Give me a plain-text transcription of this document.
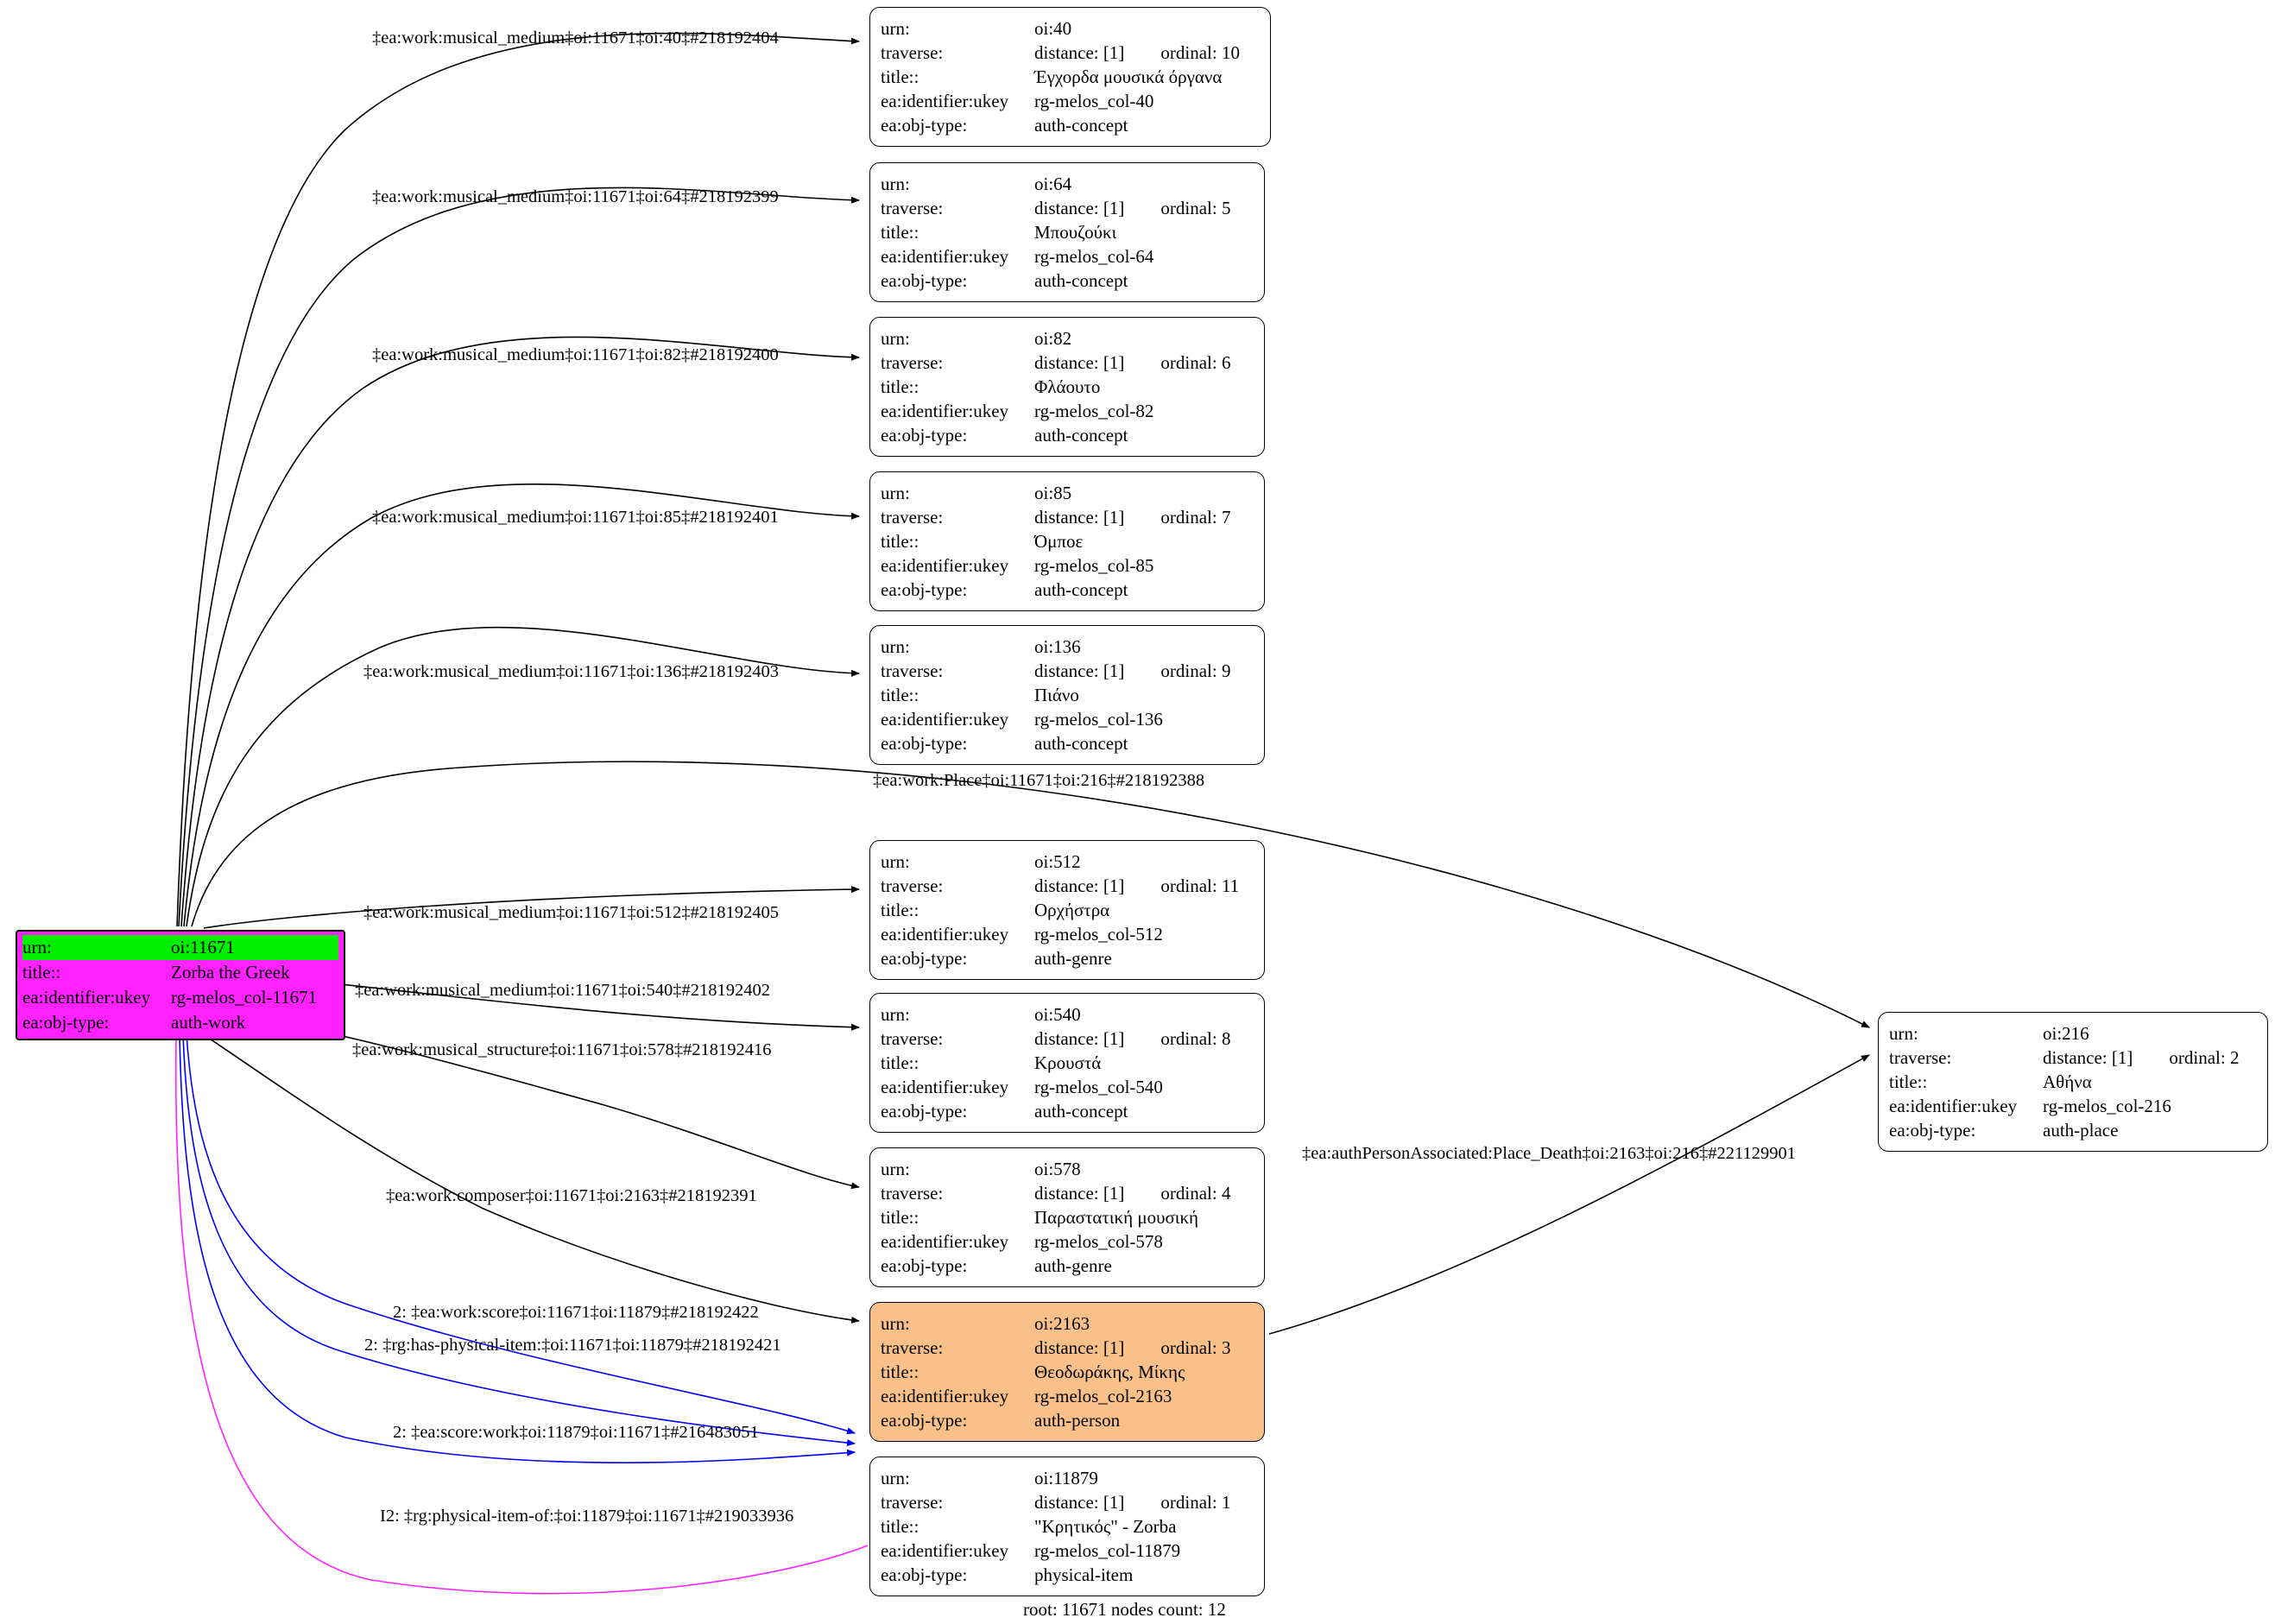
urn:	oi:40
traverse:	distance: [1] ordinal: 10
title::	Έγχορδα μουσικά όργανα
ea:identifier:ukey	rg-melos_col-40
ea:obj-type:	auth-concept
urn:	oi:64
traverse:	distance: [1] ordinal: 5
title::	Μπουζούκι
ea:identifier:ukey	rg-melos_col-64
ea:obj-type:	auth-concept
urn:	oi:82
traverse:	distance: [1] ordinal: 6
title::	Φλάουτο
ea:identifier:ukey	rg-melos_col-82
ea:obj-type:	auth-concept
urn:	oi:85
traverse:	distance: [1] ordinal: 7
title::	Όμποε
ea:identifier:ukey	rg-melos_col-85
ea:obj-type:	auth-concept
urn:	oi:136
traverse:	distance: [1] ordinal: 9
title::	Πιάνο
ea:identifier:ukey	rg-melos_col-136
ea:obj-type:	auth-concept
urn:	oi:512
traverse:	distance: [1] ordinal: 11
title::	Ορχήστρα
ea:identifier:ukey	rg-melos_col-512
ea:obj-type:	auth-genre
urn:	oi:540
traverse:	distance: [1] ordinal: 8
title::	Κρουστά
ea:identifier:ukey	rg-melos_col-540
ea:obj-type:	auth-concept
urn:	oi:578
traverse:	distance: [1] ordinal: 4
title::	Παραστατική μουσική
ea:identifier:ukey	rg-melos_col-578
ea:obj-type:	auth-genre
urn:	oi:2163
traverse:	distance: [1] ordinal: 3
title::	Θεοδωράκης, Μίκης
ea:identifier:ukey	rg-melos_col-2163
ea:obj-type:	auth-person
urn:	oi:11879
traverse:	distance: [1] ordinal: 1
title::	"Κρητικός" - Zorba
ea:identifier:ukey	rg-melos_col-11879
ea:obj-type:	physical-item
urn:	oi:216
traverse:	distance: [1] ordinal: 2
title::	Αθήνα
ea:identifier:ukey	rg-melos_col-216
ea:obj-type:	auth-place
urn:	oi:11671
title::	Zorba the Greek
ea:identifier:ukey	rg-melos_col-11671
ea:obj-type:	auth-work
‡ea:work:musical_medium‡oi:11671‡oi:40‡#218192404
‡ea:work:musical_medium‡oi:11671‡oi:64‡#218192399
‡ea:work:musical_medium‡oi:11671‡oi:82‡#218192400
‡ea:work:musical_medium‡oi:11671‡oi:85‡#218192401
‡ea:work:musical_medium‡oi:11671‡oi:136‡#218192403
‡ea:work:Place‡oi:11671‡oi:216‡#218192388
‡ea:work:musical_medium‡oi:11671‡oi:512‡#218192405
‡ea:work:musical_medium‡oi:11671‡oi:540‡#218192402
‡ea:work:musical_structure‡oi:11671‡oi:578‡#218192416
‡ea:work:composer‡oi:11671‡oi:2163‡#218192391
2: ‡ea:work:score‡oi:11671‡oi:11879‡#218192422
2: ‡rg:has-physical-item:‡oi:11671‡oi:11879‡#218192421
2: ‡ea:score:work‡oi:11879‡oi:11671‡#216483051
I2: ‡rg:physical-item-of:‡oi:11879‡oi:11671‡#219033936
‡ea:authPersonAssociated:Place_Death‡oi:2163‡oi:216‡#221129901
root: 11671 nodes count: 12
